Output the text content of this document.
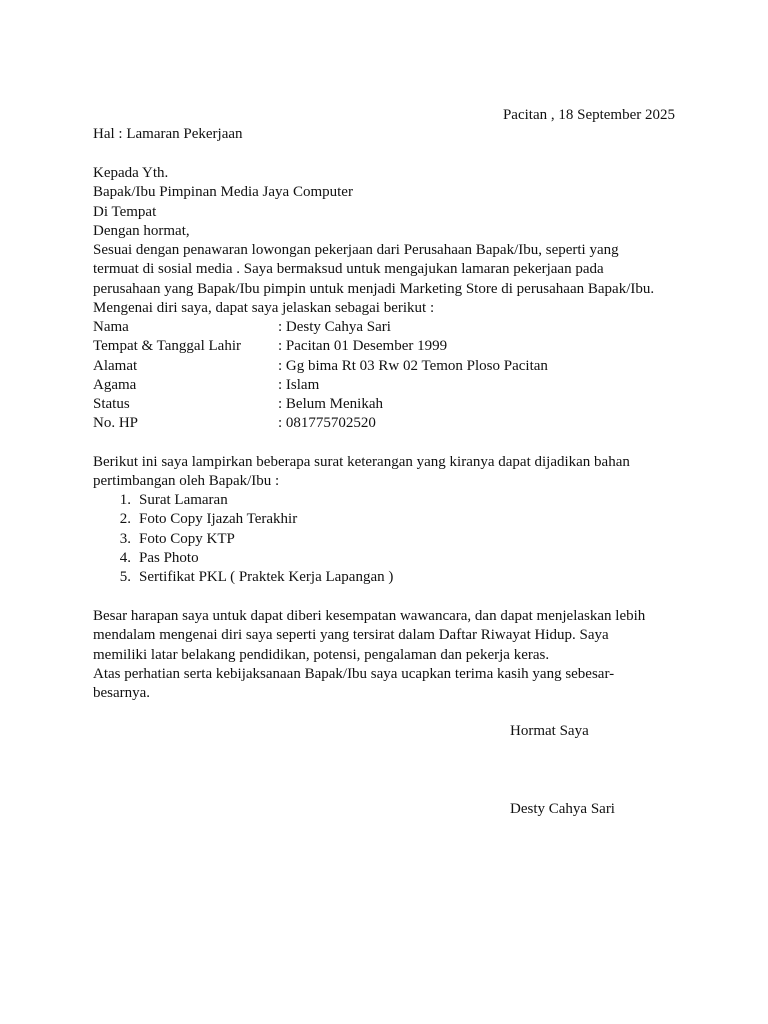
Pacitan , 18 September 2025
Hal : Lamaran Pekerjaan

Kepada Yth.

Bapak/Ibu Pimpinan Media Jaya Computer

Di Tempat

Dengan hormat,

Sesuai dengan penawaran lowongan pekerjaan dari Perusahaan Bapak/Ibu, seperti yang

termuat di sosial media . Saya bermaksud untuk mengajukan lamaran pekerjaan pada

perusahaan yang Bapak/Ibu pimpin untuk menjadi Marketing Store di perusahaan Bapak/Ibu.

Mengenai diri saya, dapat saya jelaskan sebagai berikut :

Nama	: Desty Cahya Sari
Tempat & Tanggal Lahir	: Pacitan 01 Desember 1999
Alamat	: Gg bima Rt 03 Rw 02 Temon Ploso Pacitan
Agama	: Islam
Status	: Belum Menikah
No. HP	: 081775702520

Berikut ini saya lampirkan beberapa surat keterangan yang kiranya dapat dijadikan bahan

pertimbangan oleh Bapak/Ibu :

1. Surat Lamaran
2. Foto Copy Ijazah Terakhir
3. Foto Copy KTP
4. Pas Photo
5. Sertifikat PKL ( Praktek Kerja Lapangan )

Besar harapan saya untuk dapat diberi kesempatan wawancara, dan dapat menjelaskan lebih

mendalam mengenai diri saya seperti yang tersirat dalam Daftar Riwayat Hidup. Saya

memiliki latar belakang pendidikan, potensi, pengalaman dan pekerja keras.

Atas perhatian serta kebijaksanaan Bapak/Ibu saya ucapkan terima kasih yang sebesar-

besarnya.

Hormat Saya
Desty Cahya Sari
